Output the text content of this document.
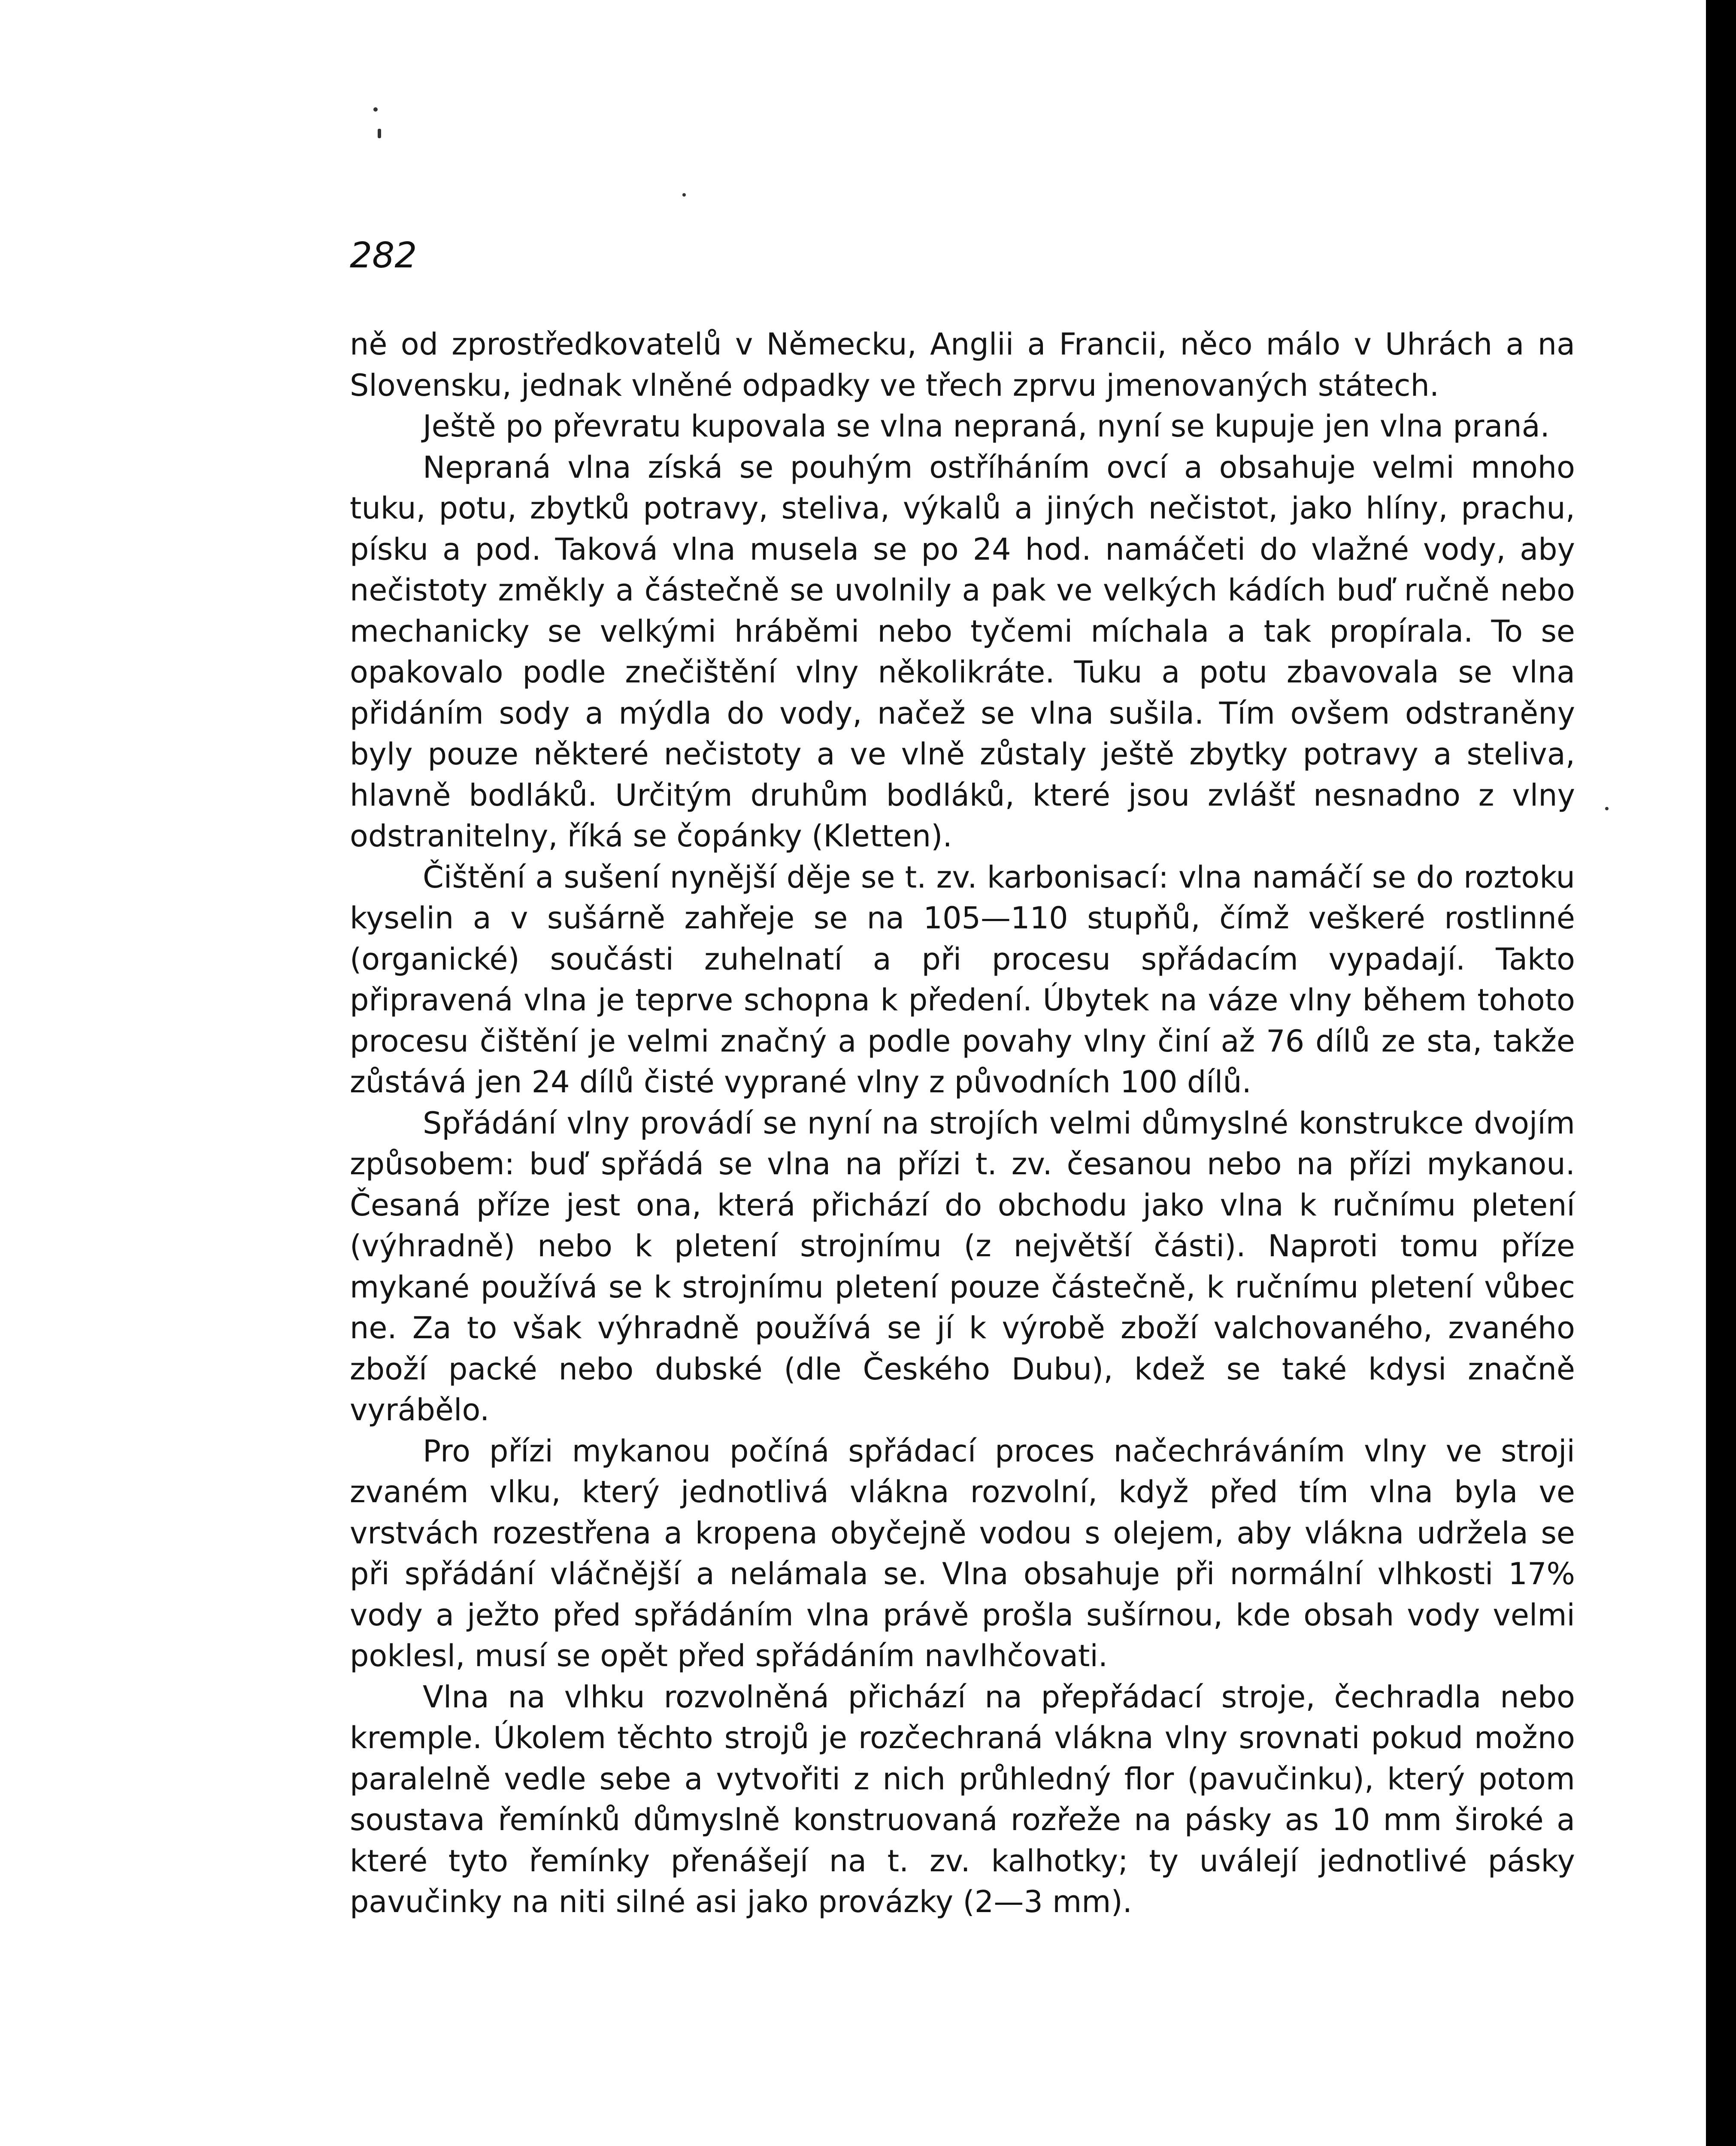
282

ně od zprostředkovatelů v Německu, Anglii a Francii, něco málo v Uhrách a na Slovensku, jednak vlněné odpadky ve třech zprvu jmenovaných státech.

Ještě po převratu kupovala se vlna nepraná, nyní se kupuje jen vlna praná.

Nepraná vlna získá se pouhým ostříháním ovcí a obsahuje velmi mnoho tuku, potu, zbytků potravy, steliva, výkalů a jiných nečistot, jako hlíny, prachu, písku a pod. Taková vlna musela se po 24 hod. namáčeti do vlažné vody, aby nečistoty změkly a částečně se uvolnily a pak ve velkých kádích buď ručně nebo mechanicky se velkými hráběmi nebo tyčemi míchala a tak propírala. To se opakovalo podle znečištění vlny několikráte. Tuku a potu zbavovala se vlna přidáním sody a mýdla do vody, načež se vlna sušila. Tím ovšem odstraněny byly pouze některé nečistoty a ve vlně zůstaly ještě zbytky potravy a steliva, hlavně bodláků. Určitým druhům bodláků, které jsou zvlášť nesnadno z vlny odstranitelny, říká se čopánky (Kletten).

Čištění a sušení nynější děje se t. zv. karbonisací: vlna namáčí se do roztoku kyselin a v sušárně zahřeje se na 105—110 stupňů, čímž veškeré rostlinné (organické) součásti zuhelnatí a při procesu spřádacím vypadají. Takto připravená vlna je teprve schopna k předení. Úbytek na váze vlny během tohoto procesu čištění je velmi značný a podle povahy vlny činí až 76 dílů ze sta, takže zůstává jen 24 dílů čisté vyprané vlny z původních 100 dílů.

Spřádání vlny provádí se nyní na strojích velmi důmyslné konstrukce dvojím způsobem: buď spřádá se vlna na přízi t. zv. česanou nebo na přízi mykanou. Česaná příze jest ona, která přichází do obchodu jako vlna k ručnímu pletení (výhradně) nebo k pletení strojnímu (z největší části). Naproti tomu příze mykané používá se k strojnímu pletení pouze částečně, k ručnímu pletení vůbec ne. Za to však výhradně používá se jí k výrobě zboží valchovaného, zvaného zboží packé nebo dubské (dle Českého Dubu), kdež se také kdysi značně vyrábělo.

Pro přízi mykanou počíná spřádací proces načechráváním vlny ve stroji zvaném vlku, který jednotlivá vlákna rozvolní, když před tím vlna byla ve vrstvách rozestřena a kropena obyčejně vodou s olejem, aby vlákna udržela se při spřádání vláčnější a nelámala se. Vlna obsahuje při normální vlhkosti 17% vody a ježto před spřádáním vlna právě prošla sušírnou, kde obsah vody velmi poklesl, musí se opět před spřádáním navlhčovati.

Vlna na vlhku rozvolněná přichází na přepřádací stroje, čechradla nebo kremple. Úkolem těchto strojů je rozčechraná vlákna vlny srovnati pokud možno paralelně vedle sebe a vytvořiti z nich průhledný flor (pavučinku), který potom soustava řemínků důmyslně konstruovaná rozřeže na pásky as 10 mm široké a které tyto řemínky přenášejí na t. zv. kalhotky; ty uválejí jednotlivé pásky pavučinky na niti silné asi jako provázky (2—3 mm).
